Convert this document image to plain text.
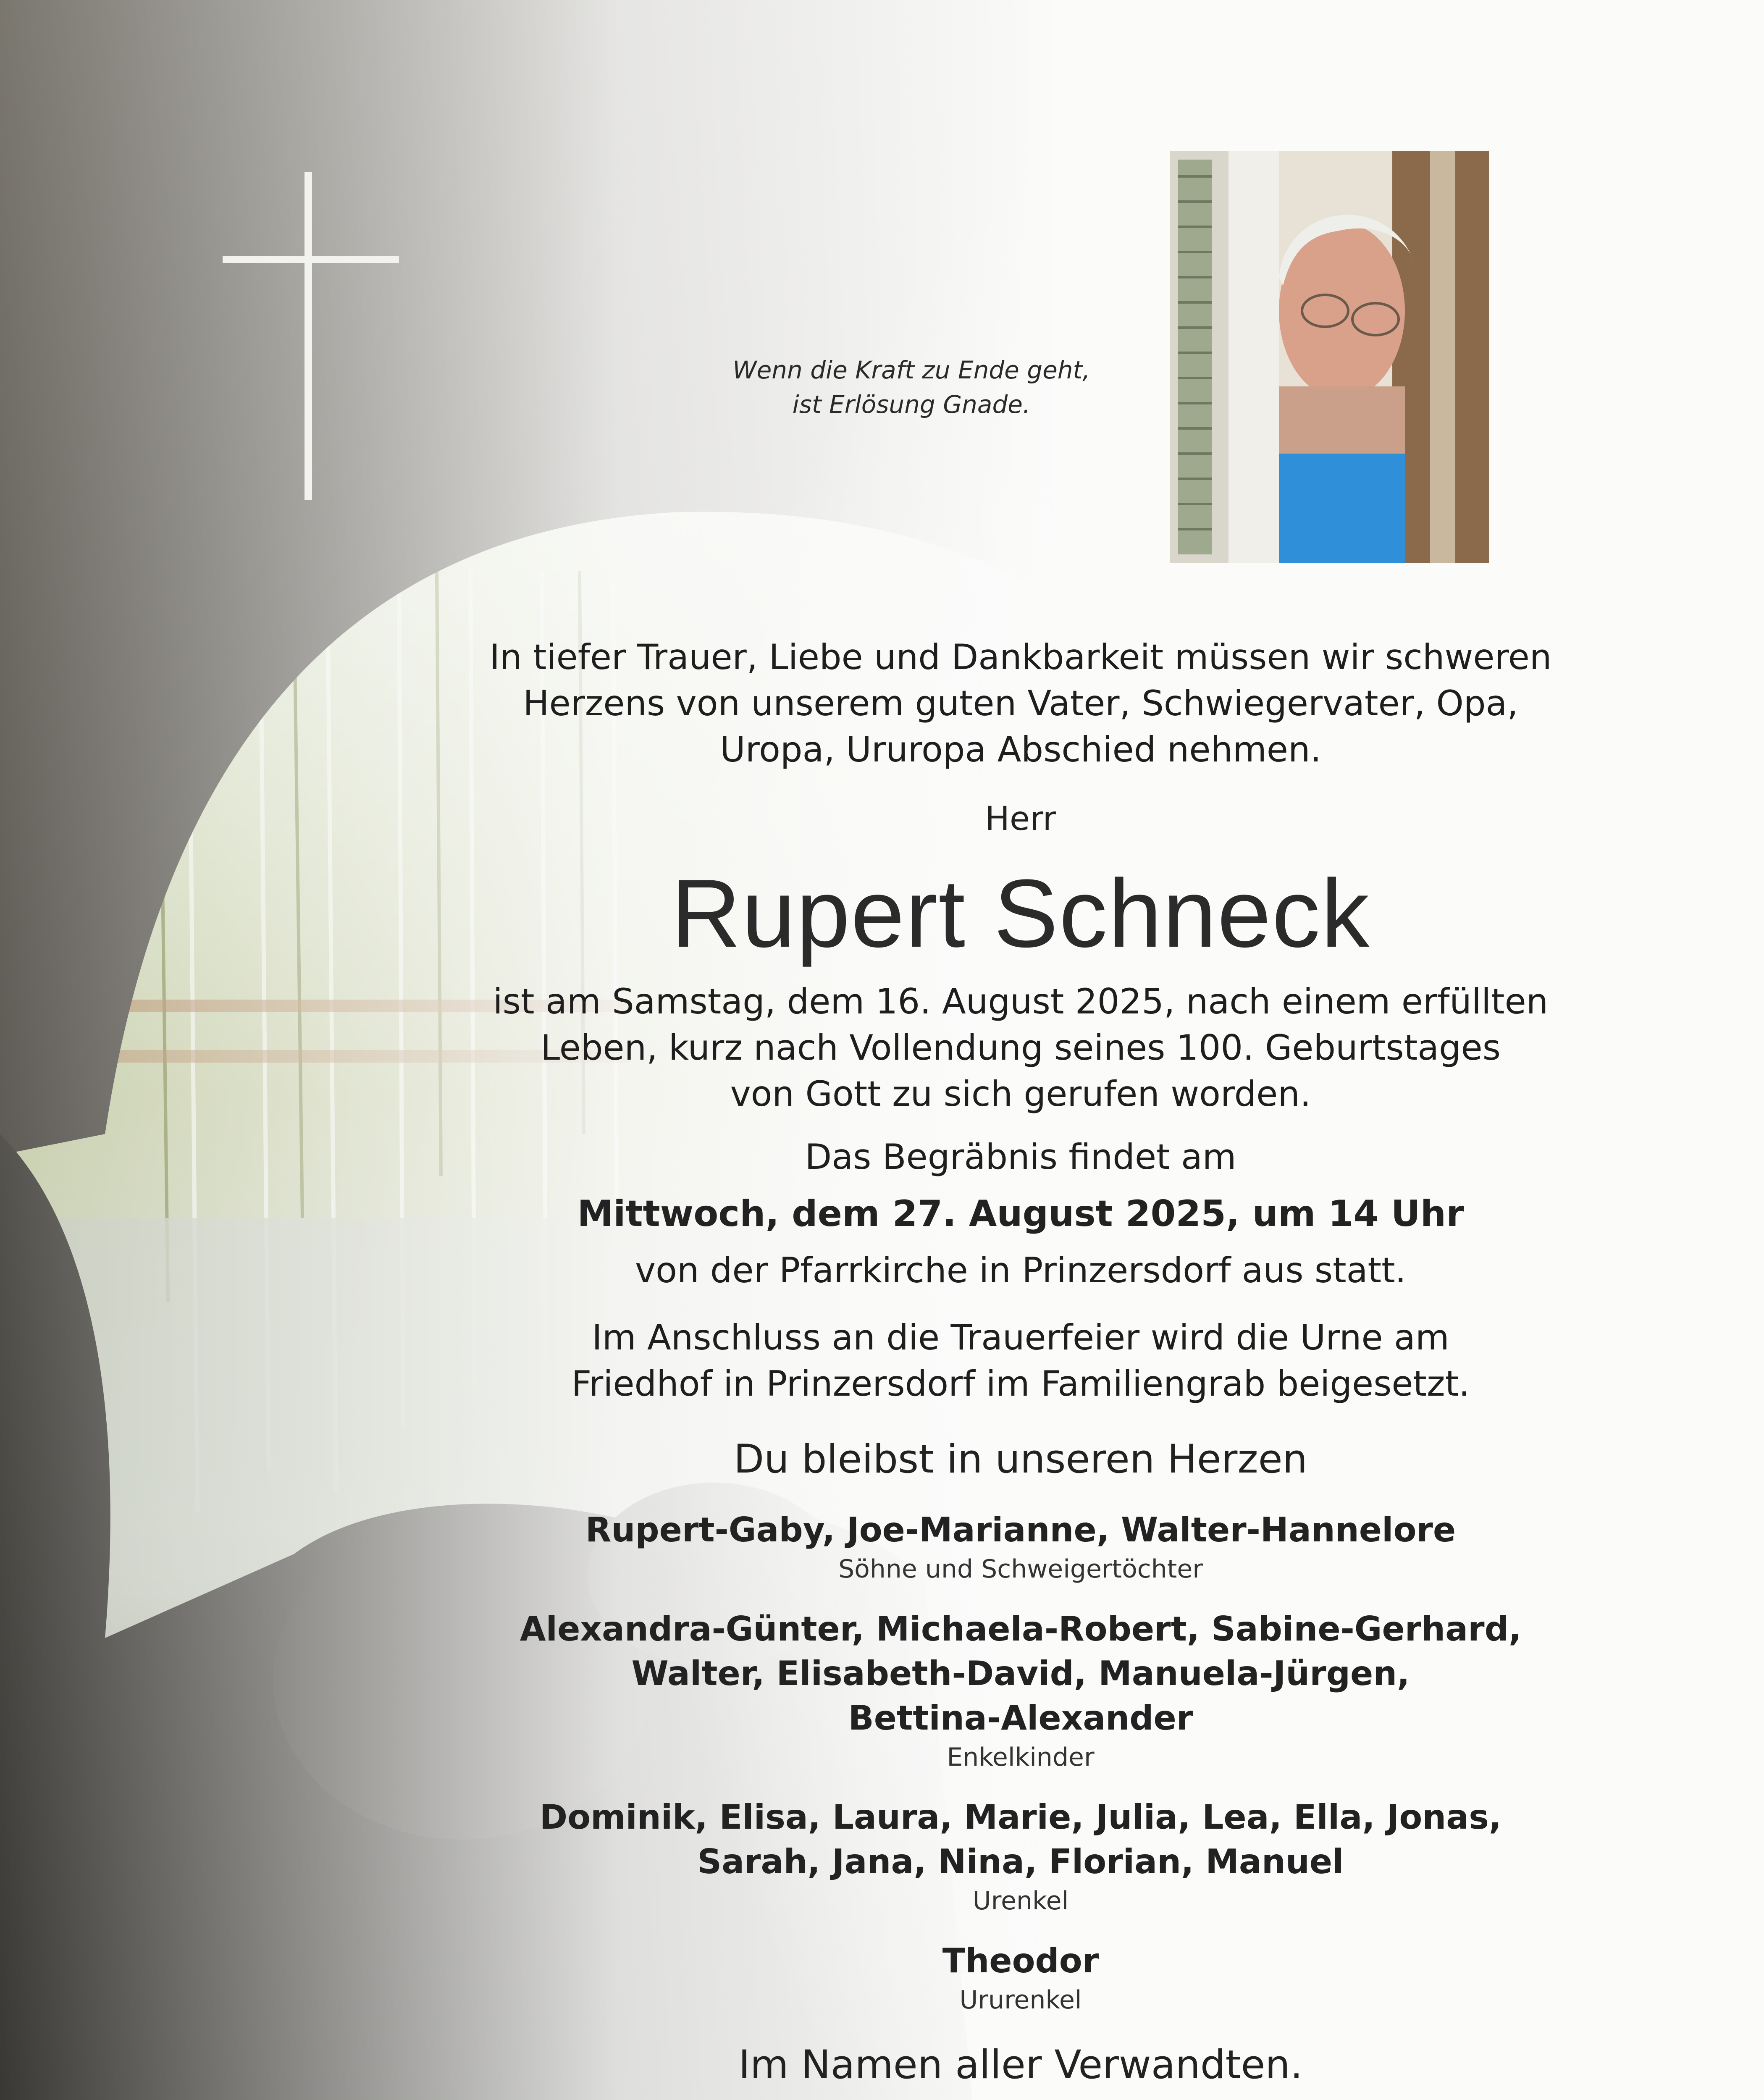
Wenn die Kraft zu Ende geht,
ist Erlösung Gnade.
In tiefer Trauer, Liebe und Dankbarkeit müssen wir schweren
Herzens von unserem guten Vater, Schwiegervater, Opa,
Uropa, Ururopa Abschied nehmen.
Herr
Rupert Schneck
ist am Samstag, dem 16. August 2025, nach einem erfüllten
Leben, kurz nach Vollendung seines 100. Geburtstages
von Gott zu sich gerufen worden.
Das Begräbnis findet am
Mittwoch, dem 27. August 2025, um 14 Uhr
von der Pfarrkirche in Prinzersdorf aus statt.
Im Anschluss an die Trauerfeier wird die Urne am
Friedhof in Prinzersdorf im Familiengrab beigesetzt.
Du bleibst in unseren Herzen
Rupert-Gaby, Joe-Marianne, Walter-Hannelore
Söhne und Schweigertöchter
Alexandra-Günter, Michaela-Robert, Sabine-Gerhard,
Walter, Elisabeth-David, Manuela-Jürgen,
Bettina-Alexander
Enkelkinder
Dominik, Elisa, Laura, Marie, Julia, Lea, Ella, Jonas,
Sarah, Jana, Nina, Florian, Manuel
Urenkel
Theodor
Ururenkel
Im Namen aller Verwandten.
